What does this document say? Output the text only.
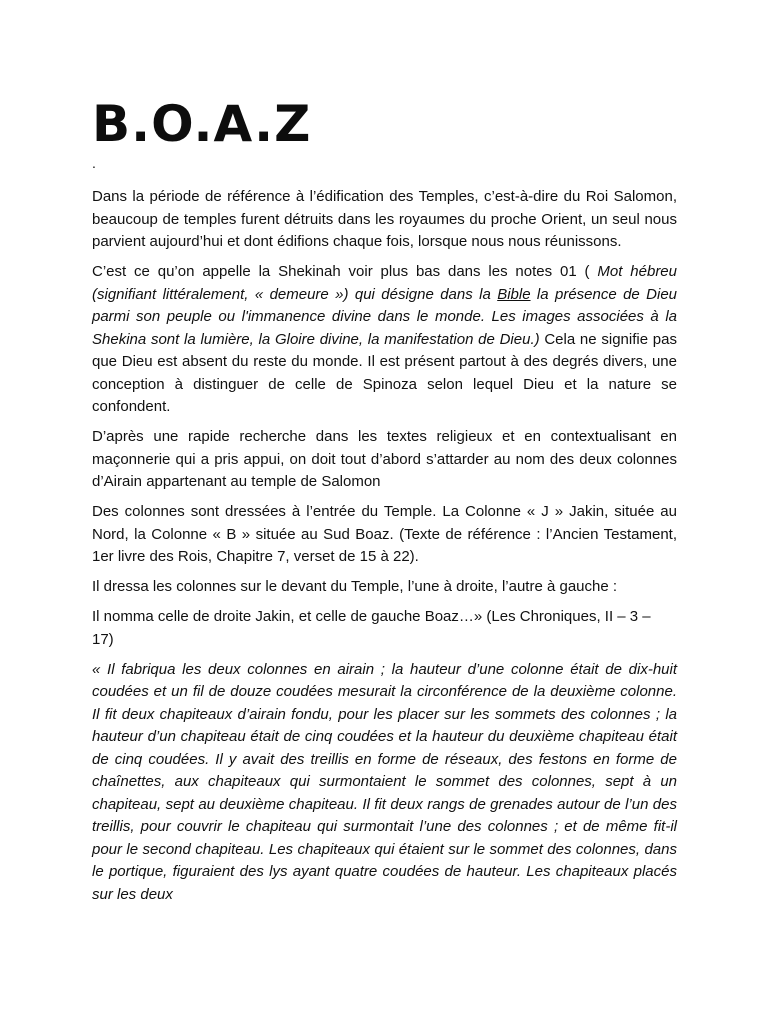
B.O.A.Z
.

Dans la période de référence à l’édification des Temples, c’est-à-dire du Roi Salomon, beaucoup de temples furent détruits dans les royaumes du proche Orient, un seul nous parvient aujourd’hui et dont édifions chaque fois, lorsque nous nous réunissons.

C’est ce qu’on appelle la Shekinah voir plus bas dans les notes 01 ( Mot hébreu (signifiant littéralement, « demeure ») qui désigne dans la Bible la présence de Dieu parmi son peuple ou l'immanence divine dans le monde. Les images associées à la Shekina sont la lumière, la Gloire divine, la manifestation de Dieu.) Cela ne signifie pas que Dieu est absent du reste du monde. Il est présent partout à des degrés divers, une conception à distinguer de celle de Spinoza selon lequel Dieu et la nature se confondent.

D’après une rapide recherche dans les textes religieux et en contextualisant en maçonnerie qui a pris appui, on doit tout d’abord s’attarder au nom des deux colonnes d’Airain appartenant au temple de Salomon

Des colonnes sont dressées à l’entrée du Temple. La Colonne « J » Jakin, située au Nord, la Colonne « B » située au Sud Boaz. (Texte de référence : l’Ancien Testament, 1er livre des Rois, Chapitre 7, verset de 15 à 22).

Il dressa les colonnes sur le devant du Temple, l’une à droite, l’autre à gauche :

Il nomma celle de droite Jakin, et celle de gauche Boaz…» (Les Chroniques, II – 3 –

17)

« Il fabriqua les deux colonnes en airain ; la hauteur d’une colonne était de dix-huit coudées et un fil de douze coudées mesurait la circonférence de la deuxième colonne. Il fit deux chapiteaux d’airain fondu, pour les placer sur les sommets des colonnes ; la hauteur d’un chapiteau était de cinq coudées et la hauteur du deuxième chapiteau était de cinq coudées. Il y avait des treillis en forme de réseaux, des festons en forme de chaînettes, aux chapiteaux qui surmontaient le sommet des colonnes, sept à un chapiteau, sept au deuxième chapiteau. Il fit deux rangs de grenades autour de l’un des treillis, pour couvrir le chapiteau qui surmontait l’une des colonnes ; et de même fit-il pour le second chapiteau. Les chapiteaux qui étaient sur le sommet des colonnes, dans le portique, figuraient des lys ayant quatre coudées de hauteur. Les chapiteaux placés sur les deux
